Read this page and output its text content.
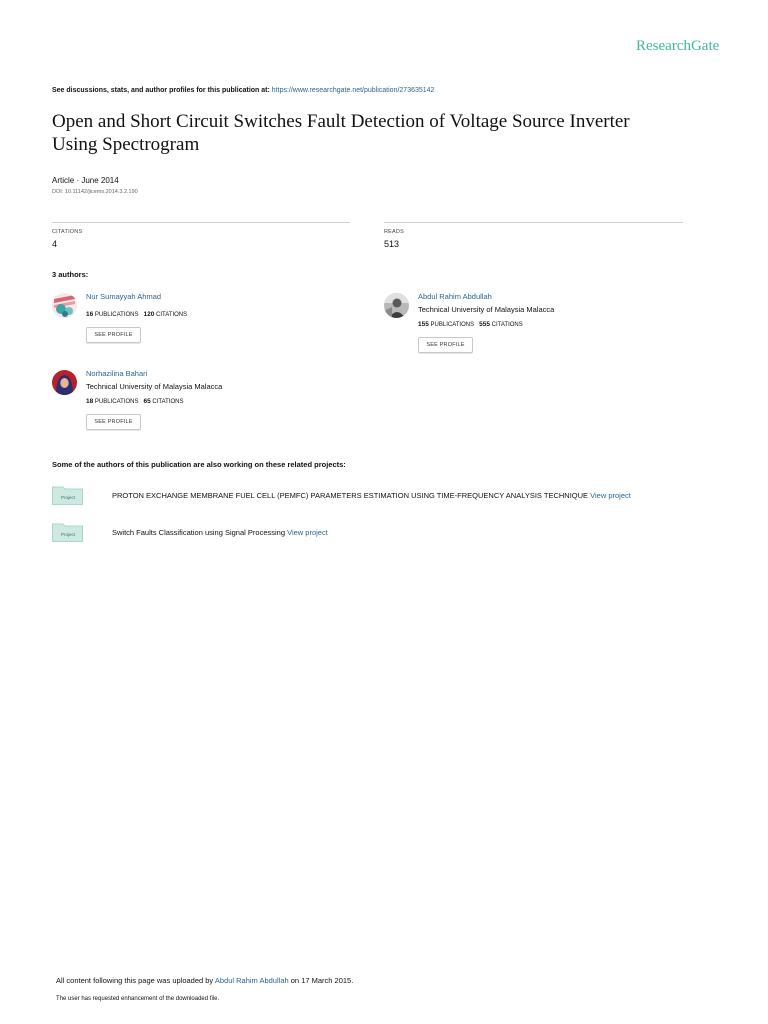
ResearchGate
See discussions, stats, and author profiles for this publication at: https://www.researchgate.net/publication/273635142
Open and Short Circuit Switches Fault Detection of Voltage Source Inverter
Using Spectrogram
Article · June 2014
DOI: 10.11142/jicems.2014.3.2.190
CITATIONS
4
READS
513
3 authors:
Nur Sumayyah Ahmad
16 PUBLICATIONS 120 CITATIONS
SEE PROFILE
Abdul Rahim Abdullah
Technical University of Malaysia Malacca
155 PUBLICATIONS 555 CITATIONS
SEE PROFILE
Norhazilina Bahari
Technical University of Malaysia Malacca
18 PUBLICATIONS 65 CITATIONS
SEE PROFILE
Some of the authors of this publication are also working on these related projects:
Project	PROTON EXCHANGE MEMBRANE FUEL CELL (PEMFC) PARAMETERS ESTIMATION USING TIME-FREQUENCY ANALYSIS TECHNIQUE View project
Project	Switch Faults Classification using Signal Processing View project
All content following this page was uploaded by Abdul Rahim Abdullah on 17 March 2015.
The user has requested enhancement of the downloaded file.
